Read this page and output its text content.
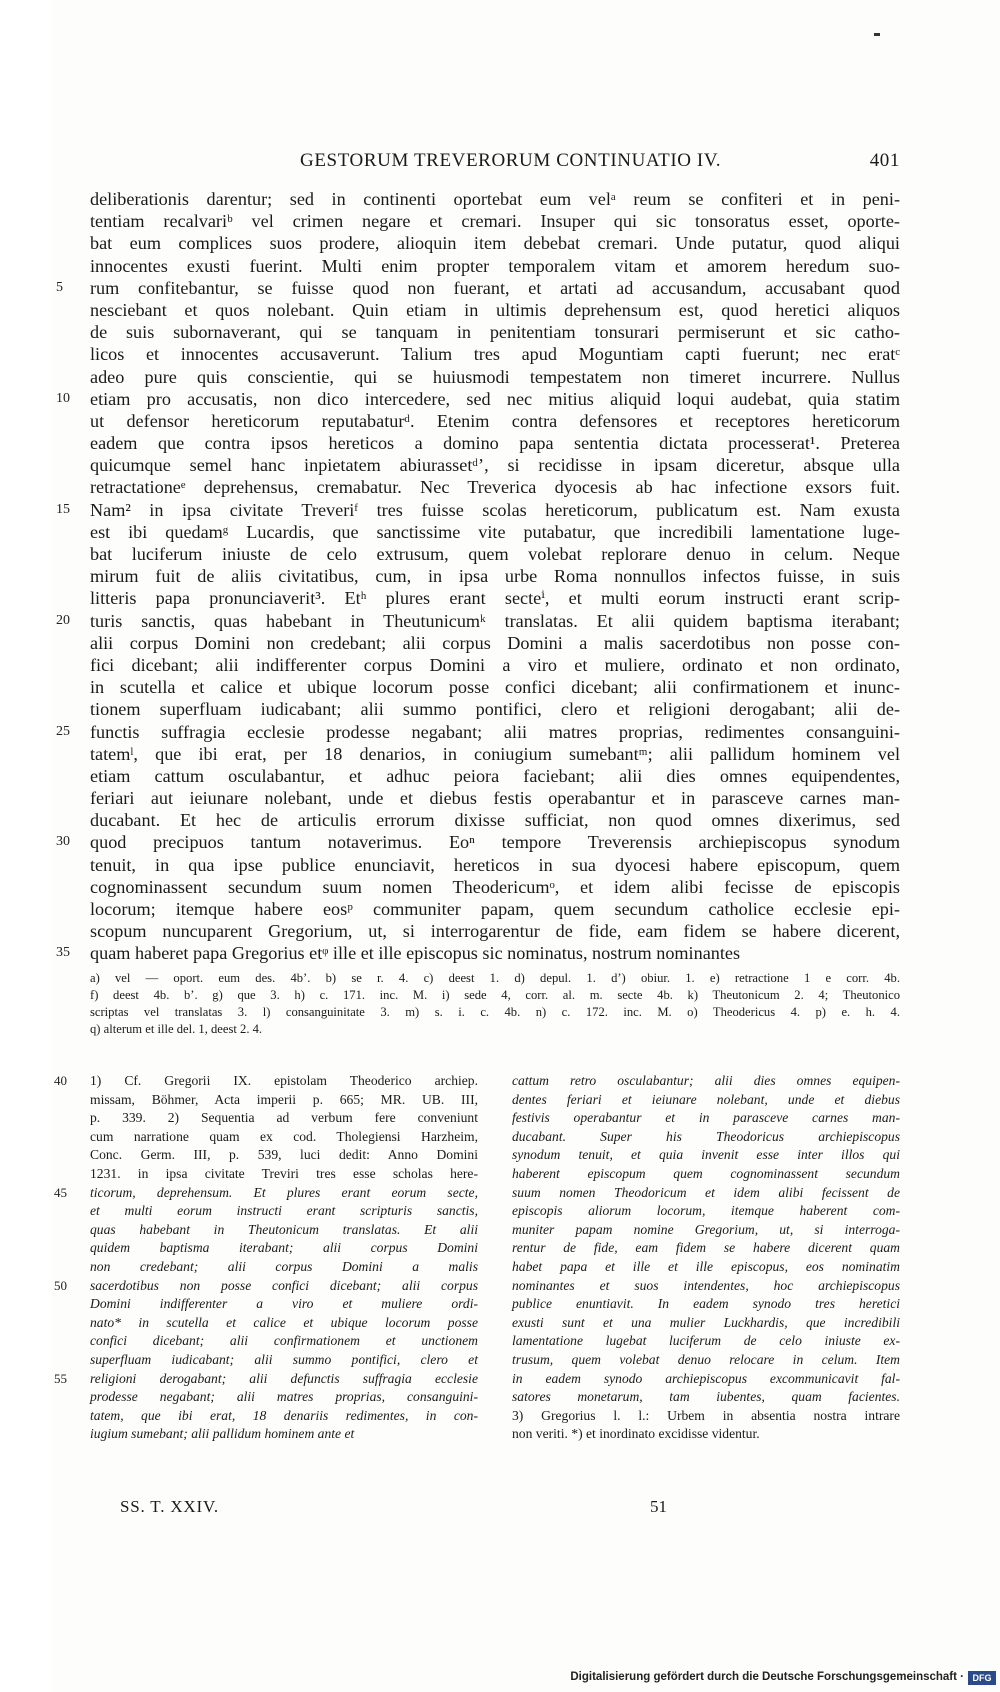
GESTORUM TREVERORUM CONTINUATIO IV.	401
deliberationis darentur; sed in continenti oportebat eum velᵃ reum se confiteri et in peni-
tentiam recalvariᵇ vel crimen negare et cremari. Insuper qui sic tonsoratus esset, oporte-
bat eum complices suos prodere, alioquin item debebat cremari. Unde putatur, quod aliqui
innocentes exusti fuerint. Multi enim propter temporalem vitam et amorem heredum suo-
5	rum confitebantur, se fuisse quod non fuerant, et artati ad accusandum, accusabant quod
nesciebant et quos nolebant. Quin etiam in ultimis deprehensum est, quod heretici aliquos
de suis subornaverant, qui se tanquam in penitentiam tonsurari permiserunt et sic catho-
licos et innocentes accusaverunt. Talium tres apud Moguntiam capti fuerunt; nec eratᶜ
adeo pure quis conscientie, qui se huiusmodi tempestatem non timeret incurrere. Nullus
10	etiam pro accusatis, non dico intercedere, sed nec mitius aliquid loqui audebat, quia statim
ut defensor hereticorum reputabaturᵈ. Etenim contra defensores et receptores hereticorum
eadem que contra ipsos hereticos a domino papa sententia dictata processerat¹. Preterea
quicumque semel hanc inpietatem abiurassetᵈ’, si recidisse in ipsam diceretur, absque ulla
retractationeᵉ deprehensus, cremabatur. Nec Treverica dyocesis ab hac infectione exsors fuit.
15	Nam² in ipsa civitate Treveriᶠ tres fuisse scolas hereticorum, publicatum est. Nam exusta
est ibi quedamᵍ Lucardis, que sanctissime vite putabatur, que incredibili lamentatione luge-
bat luciferum iniuste de celo extrusum, quem volebat replorare denuo in celum. Neque
mirum fuit de aliis civitatibus, cum, in ipsa urbe Roma nonnullos infectos fuisse, in suis
litteris papa pronunciaverit³. Etʰ plures erant secteⁱ, et multi eorum instructi erant scrip-
20	turis sanctis, quas habebant in Theutunicumᵏ translatas. Et alii quidem baptisma iterabant;
alii corpus Domini non credebant; alii corpus Domini a malis sacerdotibus non posse con-
fici dicebant; alii indifferenter corpus Domini a viro et muliere, ordinato et non ordinato,
in scutella et calice et ubique locorum posse confici dicebant; alii confirmationem et inunc-
tionem superfluam iudicabant; alii summo pontifici, clero et religioni derogabant; alii de-
25	functis suffragia ecclesie prodesse negabant; alii matres proprias, redimentes consanguini-
tatemˡ, que ibi erat, per 18 denarios, in coniugium sumebantᵐ; alii pallidum hominem vel
etiam cattum osculabantur, et adhuc peiora faciebant; alii dies omnes equipendentes,
feriari aut ieiunare nolebant, unde et diebus festis operabantur et in parasceve carnes man-
ducabant. Et hec de articulis errorum dixisse sufficiat, non quod omnes dixerimus, sed
30	quod precipuos tantum notaverimus. Eoⁿ tempore Treverensis archiepiscopus synodum
tenuit, in qua ipse publice enunciavit, hereticos in sua dyocesi habere episcopum, quem
cognominassent secundum suum nomen Theodericumᵒ, et idem alibi fecisse de episcopis
locorum; itemque habere eosᵖ communiter papam, quem secundum catholice ecclesie epi-
scopum nuncuparent Gregorium, ut, si interrogarentur de fide, eam fidem se habere dicerent,
35	quam haberet papa Gregorius etᵠ ille et ille episcopus sic nominatus, nostrum nominantes
a) vel — oport. eum des. 4b’. b) se r. 4. c) deest 1. d) depul. 1. d’) obiur. 1. e) retractione 1 e corr. 4b.
f) deest 4b. b’. g) que 3. h) c. 171. inc. M. i) sede 4, corr. al. m. secte 4b. k) Theutonicum 2. 4; Theutonico
scriptas vel translatas 3. l) consanguinitate 3. m) s. i. c. 4b. n) c. 172. inc. M. o) Theodericus 4. p) e. h. 4.
q) alterum et ille del. 1, deest 2. 4.
40	1) Cf. Gregorii IX. epistolam Theoderico archiep.
missam, Böhmer, Acta imperii p. 665; MR. UB. III,
p. 339. 2) Sequentia ad verbum fere conveniunt
cum narratione quam ex cod. Tholegiensi Harzheim,
Conc. Germ. III, p. 539, luci dedit: Anno Domini
1231. in ipsa civitate Treviri tres esse scholas here-
45	ticorum, deprehensum. Et plures erant eorum secte,
et multi eorum instructi erant scripturis sanctis,
quas habebant in Theutonicum translatas. Et alii
quidem baptisma iterabant; alii corpus Domini
non credebant; alii corpus Domini a malis
50	sacerdotibus non posse confici dicebant; alii corpus
Domini indifferenter a viro et muliere ordi-
nato* in scutella et calice et ubique locorum posse
confici dicebant; alii confirmationem et unctionem
superfluam iudicabant; alii summo pontifici, clero et
55	religioni derogabant; alii defunctis suffragia ecclesie
prodesse negabant; alii matres proprias, consanguini-
tatem, que ibi erat, 18 denariis redimentes, in con-
iugium sumebant; alii pallidum hominem ante et
cattum retro osculabantur; alii dies omnes equipen-
dentes feriari et ieiunare nolebant, unde et diebus
festivis operabantur et in parasceve carnes man-
ducabant. Super his Theodoricus archiepiscopus
synodum tenuit, et quia invenit esse inter illos qui
haberent episcopum quem cognominassent secundum
suum nomen Theodoricum et idem alibi fecissent de
episcopis aliorum locorum, itemque haberent com-
muniter papam nomine Gregorium, ut, si interroga-
rentur de fide, eam fidem se habere dicerent quam
habet papa et ille et ille episcopus, eos nominatim
nominantes et suos intendentes, hoc archiepiscopus
publice enuntiavit. In eadem synodo tres heretici
exusti sunt et una mulier Luckhardis, que incredibili
lamentatione lugebat luciferum de celo iniuste ex-
trusum, quem volebat denuo relocare in celum. Item
in eadem synodo archiepiscopus excommunicavit fal-
satores monetarum, tam iubentes, quam facientes.
3) Gregorius l. l.: Urbem in absentia nostra intrare
non veriti. *) et inordinato excidisse videntur.
SS. T. XXIV.	51
Digitalisierung gefördert durch die Deutsche Forschungsgemeinschaft · DFG
